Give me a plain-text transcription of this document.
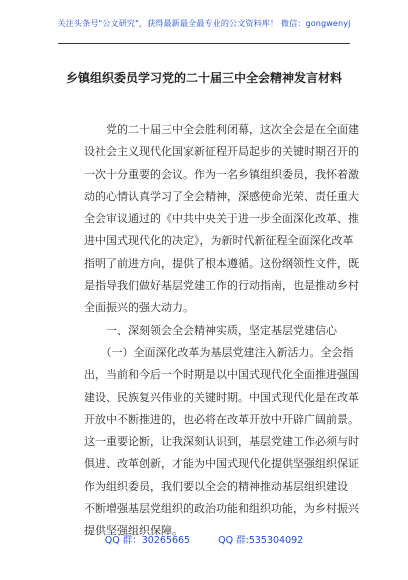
关注头条号"公文研究"，获得最新最全最专业的公文资料库！ 微信：gongwenyj
乡镇组织委员学习党的二十届三中全会精神发言材料
　　党的二十届三中全会胜利闭幕，这次全会是在全面建
设社会主义现代化国家新征程开局起步的关键时期召开的
一次十分重要的会议。作为一名乡镇组织委员，我怀着激
动的心情认真学习了全会精神，深感使命光荣、责任重大
全会审议通过的《中共中央关于进一步全面深化改革、推
进中国式现代化的决定》，为新时代新征程全面深化改革
指明了前进方向，提供了根本遵循。这份纲领性文件，既
是指导我们做好基层党建工作的行动指南，也是推动乡村
全面振兴的强大动力。
　　一、深刻领会全会精神实质，坚定基层党建信心
　　（一）全面深化改革为基层党建注入新活力。全会指
出，当前和今后一个时期是以中国式现代化全面推进强国
建设、民族复兴伟业的关键时期。中国式现代化是在改革
开放中不断推进的，也必将在改革开放中开辟广阔前景。
这一重要论断，让我深刻认识到，基层党建工作必须与时
俱进、改革创新，才能为中国式现代化提供坚强组织保证
作为组织委员，我们要以全会的精神推动基层组织建设
不断增强基层党组织的政治功能和组织功能，为乡村振兴
提供坚强组织保障。
QQ 群：30265665	QQ 群:535304092
